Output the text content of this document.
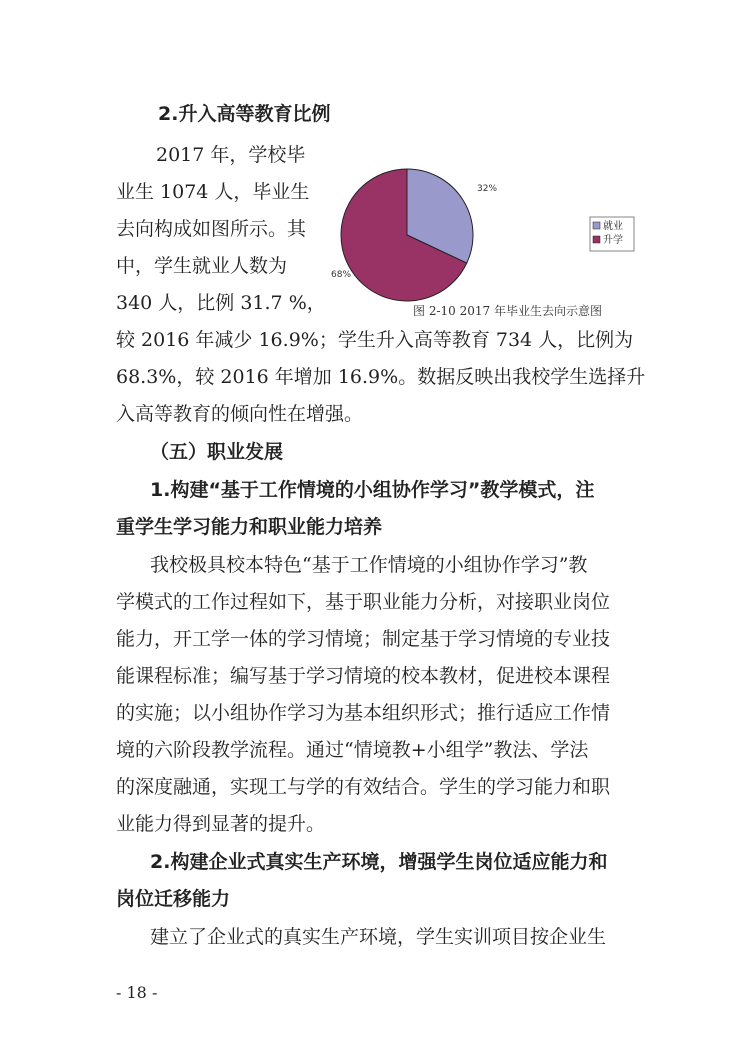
2.升入高等教育比例
2017 年，学校毕
业生 1074 人，毕业生
去向构成如图所示。其
中，学生就业人数为
340 人，比例 31.7 %，
32%
68%
就业
升学
图 2-10 2017 年毕业生去向示意图
较 2016 年减少 16.9%；学生升入高等教育 734 人，比例为
68.3%，较 2016 年增加 16.9%。数据反映出我校学生选择升
入高等教育的倾向性在增强。
（五）职业发展
1.构建“基于工作情境的小组协作学习”教学模式，注
重学生学习能力和职业能力培养
我校极具校本特色“基于工作情境的小组协作学习”教
学模式的工作过程如下，基于职业能力分析，对接职业岗位
能力，开工学一体的学习情境；制定基于学习情境的专业技
能课程标准；编写基于学习情境的校本教材，促进校本课程
的实施；以小组协作学习为基本组织形式；推行适应工作情
境的六阶段教学流程。通过“情境教+小组学”教法、学法
的深度融通，实现工与学的有效结合。学生的学习能力和职
业能力得到显著的提升。
2.构建企业式真实生产环境，增强学生岗位适应能力和
岗位迁移能力
建立了企业式的真实生产环境，学生实训项目按企业生
- 18 -
